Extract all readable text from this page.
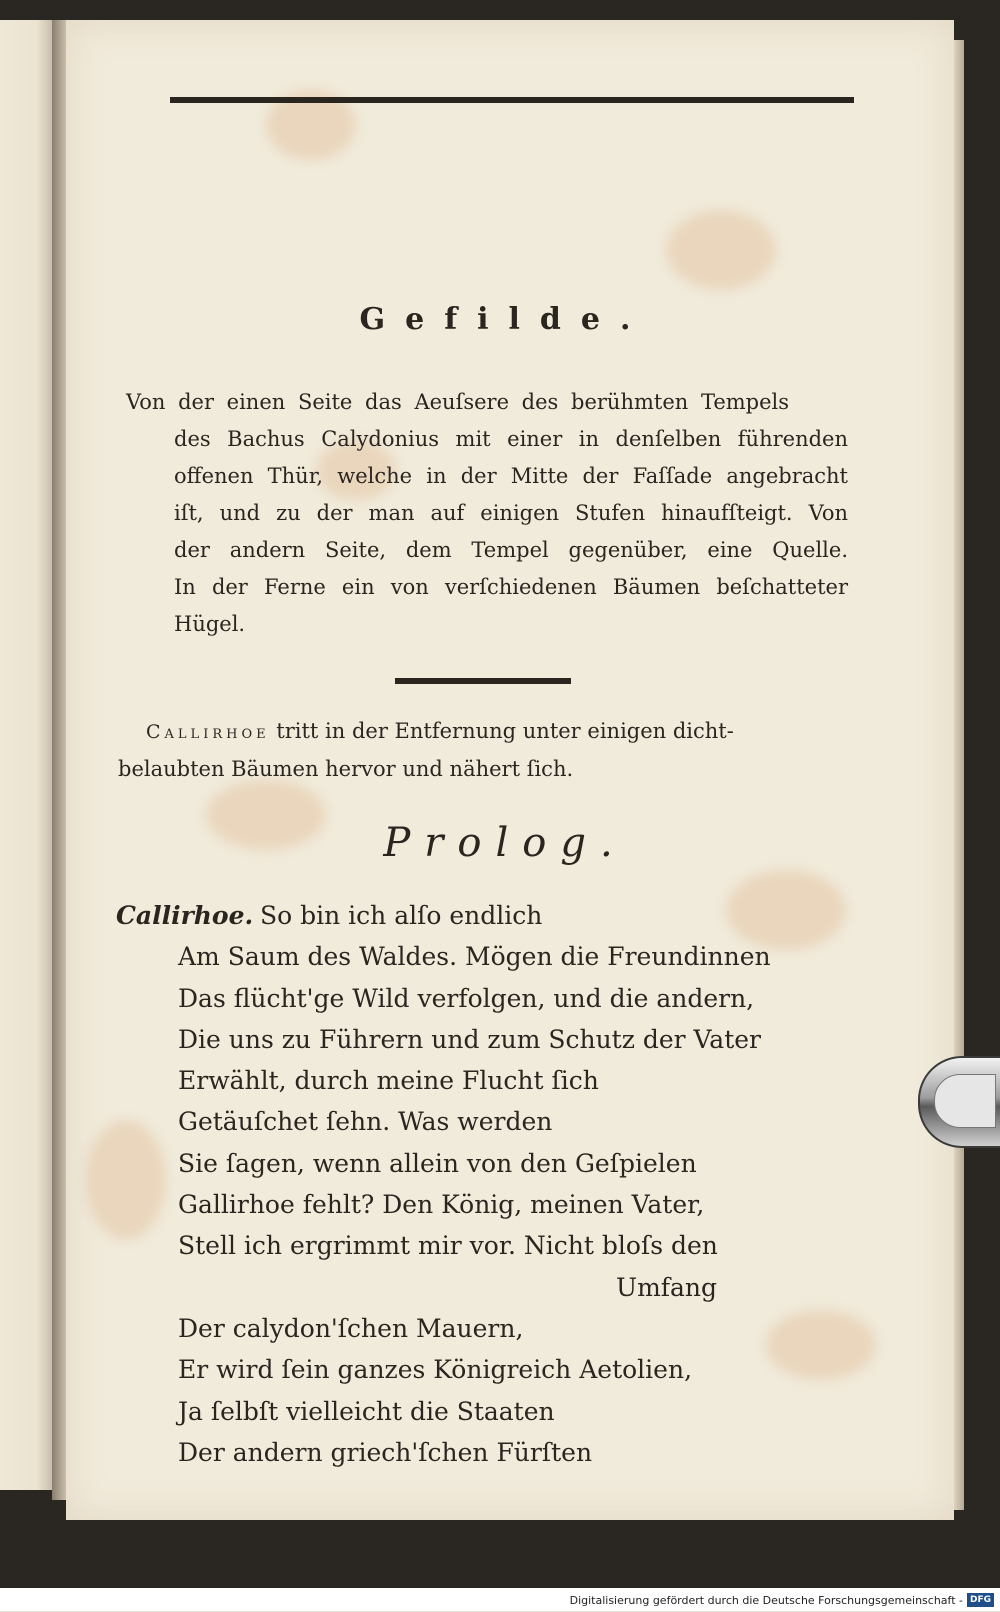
Gefilde.
Von der einen Seite das Aeuſsere des berühmten Tempels
des Bachus Calydonius mit einer in denſelben führenden
offenen Thür, welche in der Mitte der Faſſade angebracht
iſt, und zu der man auf einigen Stufen hinaufſteigt. Von
der andern Seite, dem Tempel gegenüber, eine Quelle.
In der Ferne ein von verſchiedenen Bäumen beſchatteter
Hügel.
Callirhoe tritt in der Entfernung unter einigen dicht-
belaubten Bäumen hervor und nähert ſich.
Prolog.
Callirhoe. So bin ich alſo endlich
Am Saum des Waldes. Mögen die Freundinnen
Das flücht'ge Wild verfolgen, und die andern,
Die uns zu Führern und zum Schutz der Vater
Erwählt, durch meine Flucht ſich
Getäuſchet ſehn. Was werden
Sie ſagen, wenn allein von den Geſpielen
Gallirhoe fehlt? Den König, meinen Vater,
Stell ich ergrimmt mir vor. Nicht bloſs den
Umfang
Der calydon'ſchen Mauern,
Er wird ſein ganzes Königreich Aetolien,
Ja ſelbſt vielleicht die Staaten
Der andern griech'ſchen Fürſten
Digitalisierung gefördert durch die Deutsche Forschungsgemeinschaft - DFG
